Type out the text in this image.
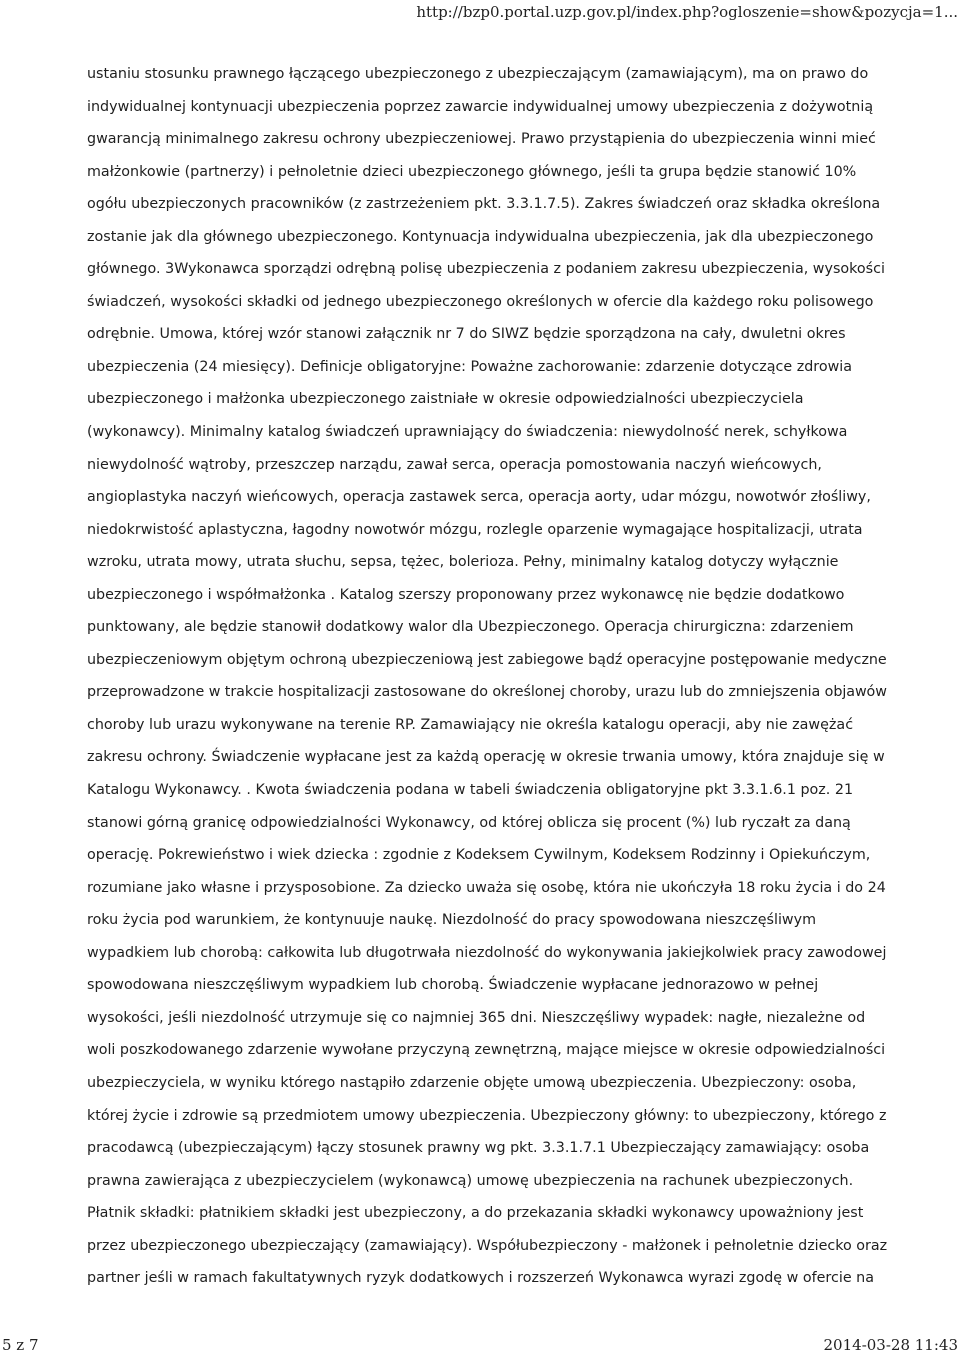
http://bzp0.portal.uzp.gov.pl/index.php?ogloszenie=show&pozycja=1...
ustaniu stosunku prawnego łączącego ubezpieczonego z ubezpieczającym (zamawiającym), ma on prawo do
indywidualnej kontynuacji ubezpieczenia poprzez zawarcie indywidualnej umowy ubezpieczenia z dożywotnią
gwarancją minimalnego zakresu ochrony ubezpieczeniowej. Prawo przystąpienia do ubezpieczenia winni mieć
małżonkowie (partnerzy) i pełnoletnie dzieci ubezpieczonego głównego, jeśli ta grupa będzie stanowić 10%
ogółu ubezpieczonych pracowników (z zastrzeżeniem pkt. 3.3.1.7.5). Zakres świadczeń oraz składka określona
zostanie jak dla głównego ubezpieczonego. Kontynuacja indywidualna ubezpieczenia, jak dla ubezpieczonego
głównego. 3Wykonawca sporządzi odrębną polisę ubezpieczenia z podaniem zakresu ubezpieczenia, wysokości
świadczeń, wysokości składki od jednego ubezpieczonego określonych w ofercie dla każdego roku polisowego
odrębnie. Umowa, której wzór stanowi załącznik nr 7 do SIWZ będzie sporządzona na cały, dwuletni okres
ubezpieczenia (24 miesięcy). Definicje obligatoryjne: Poważne zachorowanie: zdarzenie dotyczące zdrowia
ubezpieczonego i małżonka ubezpieczonego zaistniałe w okresie odpowiedzialności ubezpieczyciela
(wykonawcy). Minimalny katalog świadczeń uprawniający do świadczenia: niewydolność nerek, schyłkowa
niewydolność wątroby, przeszczep narządu, zawał serca, operacja pomostowania naczyń wieńcowych,
angioplastyka naczyń wieńcowych, operacja zastawek serca, operacja aorty, udar mózgu, nowotwór złośliwy,
niedokrwistość aplastyczna, łagodny nowotwór mózgu, rozlegle oparzenie wymagające hospitalizacji, utrata
wzroku, utrata mowy, utrata słuchu, sepsa, tężec, bolerioza. Pełny, minimalny katalog dotyczy wyłącznie
ubezpieczonego i współmałżonka . Katalog szerszy proponowany przez wykonawcę nie będzie dodatkowo
punktowany, ale będzie stanowił dodatkowy walor dla Ubezpieczonego. Operacja chirurgiczna: zdarzeniem
ubezpieczeniowym objętym ochroną ubezpieczeniową jest zabiegowe bądź operacyjne postępowanie medyczne
przeprowadzone w trakcie hospitalizacji zastosowane do określonej choroby, urazu lub do zmniejszenia objawów
choroby lub urazu wykonywane na terenie RP. Zamawiający nie określa katalogu operacji, aby nie zawężać
zakresu ochrony. Świadczenie wypłacane jest za każdą operację w okresie trwania umowy, która znajduje się w
Katalogu Wykonawcy. . Kwota świadczenia podana w tabeli świadczenia obligatoryjne pkt 3.3.1.6.1 poz. 21
stanowi górną granicę odpowiedzialności Wykonawcy, od której oblicza się procent (%) lub ryczałt za daną
operację. Pokrewieństwo i wiek dziecka : zgodnie z Kodeksem Cywilnym, Kodeksem Rodzinny i Opiekuńczym,
rozumiane jako własne i przysposobione. Za dziecko uważa się osobę, która nie ukończyła 18 roku życia i do 24
roku życia pod warunkiem, że kontynuuje naukę. Niezdolność do pracy spowodowana nieszczęśliwym
wypadkiem lub chorobą: całkowita lub długotrwała niezdolność do wykonywania jakiejkolwiek pracy zawodowej
spowodowana nieszczęśliwym wypadkiem lub chorobą. Świadczenie wypłacane jednorazowo w pełnej
wysokości, jeśli niezdolność utrzymuje się co najmniej 365 dni. Nieszczęśliwy wypadek: nagłe, niezależne od
woli poszkodowanego zdarzenie wywołane przyczyną zewnętrzną, mające miejsce w okresie odpowiedzialności
ubezpieczyciela, w wyniku którego nastąpiło zdarzenie objęte umową ubezpieczenia. Ubezpieczony: osoba,
której życie i zdrowie są przedmiotem umowy ubezpieczenia. Ubezpieczony główny: to ubezpieczony, którego z
pracodawcą (ubezpieczającym) łączy stosunek prawny wg pkt. 3.3.1.7.1 Ubezpieczający zamawiający: osoba
prawna zawierająca z ubezpieczycielem (wykonawcą) umowę ubezpieczenia na rachunek ubezpieczonych.
Płatnik składki: płatnikiem składki jest ubezpieczony, a do przekazania składki wykonawcy upoważniony jest
przez ubezpieczonego ubezpieczający (zamawiający). Współubezpieczony - małżonek i pełnoletnie dziecko oraz
partner jeśli w ramach fakultatywnych ryzyk dodatkowych i rozszerzeń Wykonawca wyrazi zgodę w ofercie na
5 z 7	2014-03-28 11:43
